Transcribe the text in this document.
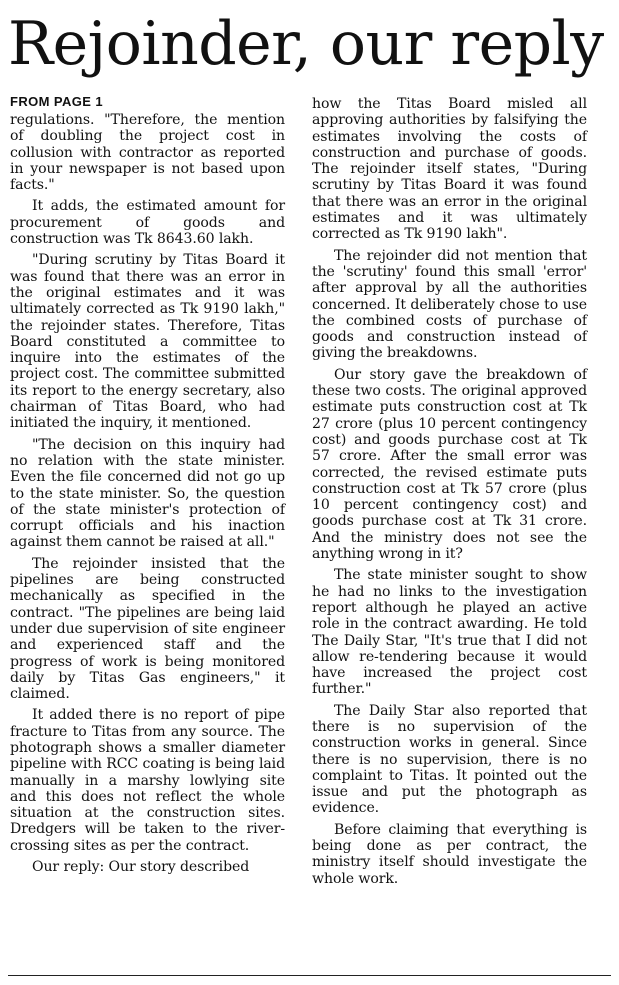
Rejoinder, our reply
FROM PAGE 1

regulations. "Therefore, the mention of doubling the project cost in collusion with contractor as reported in your newspaper is not based upon facts."

It adds, the estimated amount for procurement of goods and construction was Tk 8643.60 lakh.

"During scrutiny by Titas Board it was found that there was an error in the original estimates and it was ultimately corrected as Tk 9190 lakh," the rejoinder states. Therefore, Titas Board constituted a committee to inquire into the estimates of the project cost. The committee submitted its report to the energy secretary, also chairman of Titas Board, who had initiated the inquiry, it mentioned.

"The decision on this inquiry had no relation with the state minister. Even the file concerned did not go up to the state minister. So, the question of the state minister's protection of corrupt officials and his inaction against them cannot be raised at all."

The rejoinder insisted that the pipelines are being constructed mechanically as specified in the contract. "The pipelines are being laid under due supervision of site engineer and experienced staff and the progress of work is being monitored daily by Titas Gas engineers," it claimed.

It added there is no report of pipe fracture to Titas from any source. The photograph shows a smaller diameter pipeline with RCC coating is being laid manually in a marshy lowlying site and this does not reflect the whole situation at the construction sites. Dredgers will be taken to the river-crossing sites as per the contract.

Our reply: Our story described

how the Titas Board misled all approving authorities by falsifying the estimates involving the costs of construction and purchase of goods. The rejoinder itself states, "During scrutiny by Titas Board it was found that there was an error in the original estimates and it was ultimately corrected as Tk 9190 lakh".

The rejoinder did not mention that the 'scrutiny' found this small 'error' after approval by all the authorities concerned. It deliberately chose to use the combined costs of purchase of goods and construction instead of giving the breakdowns.

Our story gave the breakdown of these two costs. The original approved estimate puts construction cost at Tk 27 crore (plus 10 percent contingency cost) and goods purchase cost at Tk 57 crore. After the small error was corrected, the revised estimate puts construction cost at Tk 57 crore (plus 10 percent contingency cost) and goods purchase cost at Tk 31 crore. And the ministry does not see the anything wrong in it?

The state minister sought to show he had no links to the investigation report although he played an active role in the contract awarding. He told The Daily Star, "It's true that I did not allow re-tendering because it would have increased the project cost further."

The Daily Star also reported that there is no supervision of the construction works in general. Since there is no supervision, there is no complaint to Titas. It pointed out the issue and put the photograph as evidence.

Before claiming that everything is being done as per contract, the ministry itself should investigate the whole work.
